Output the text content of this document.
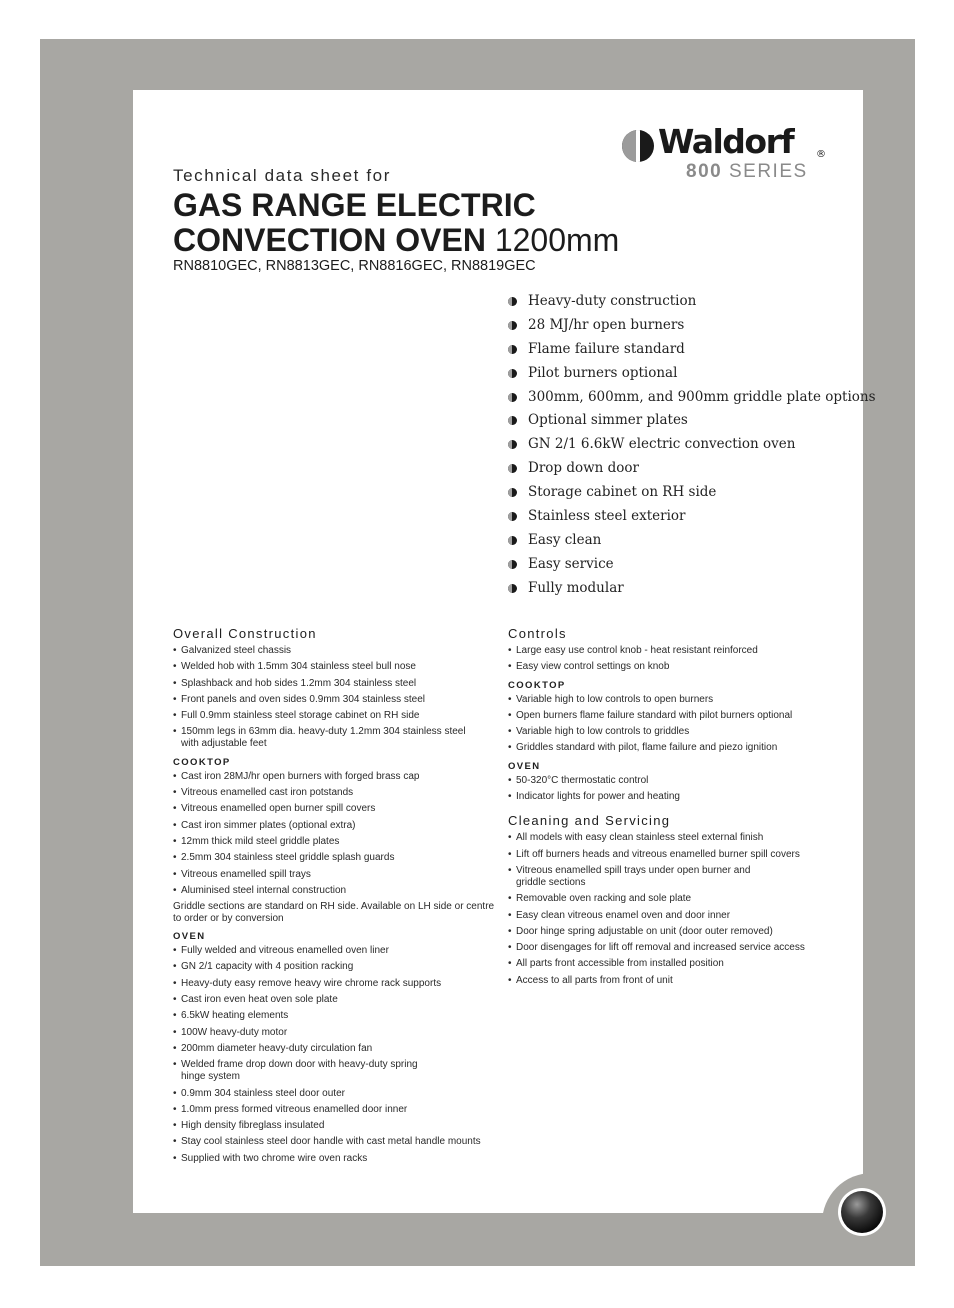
Waldorf ®
800 SERIES
Technical data sheet for
GAS RANGE ELECTRIC
CONVECTION OVEN 1200mm
RN8810GEC, RN8813GEC, RN8816GEC, RN8819GEC
Heavy-duty construction
28 MJ/hr open burners
Flame failure standard
Pilot burners optional
300mm, 600mm, and 900mm griddle plate options
Optional simmer plates
GN 2/1 6.6kW electric convection oven
Drop down door
Storage cabinet on RH side
Stainless steel exterior
Easy clean
Easy service
Fully modular
Overall Construction
• Galvanized steel chassis
• Welded hob with 1.5mm 304 stainless steel bull nose
• Splashback and hob sides 1.2mm 304 stainless steel
• Front panels and oven sides 0.9mm 304 stainless steel
• Full 0.9mm stainless steel storage cabinet on RH side
• 150mm legs in 63mm dia. heavy-duty 1.2mm 304 stainless steel with adjustable feet
COOKTOP
• Cast iron 28MJ/hr open burners with forged brass cap
• Vitreous enamelled cast iron potstands
• Vitreous enamelled open burner spill covers
• Cast iron simmer plates (optional extra)
• 12mm thick mild steel griddle plates
• 2.5mm 304 stainless steel griddle splash guards
• Vitreous enamelled spill trays
• Aluminised steel internal construction

Griddle sections are standard on RH side. Available on LH side or centre to order or by conversion

OVEN
• Fully welded and vitreous enamelled oven liner
• GN 2/1 capacity with 4 position racking
• Heavy-duty easy remove heavy wire chrome rack supports
• Cast iron even heat oven sole plate
• 6.5kW heating elements
• 100W heavy-duty motor
• 200mm diameter heavy-duty circulation fan
• Welded frame drop down door with heavy-duty spring hinge system
• 0.9mm 304 stainless steel door outer
• 1.0mm press formed vitreous enamelled door inner
• High density fibreglass insulated
• Stay cool stainless steel door handle with cast metal handle mounts
• Supplied with two chrome wire oven racks
Controls
• Large easy use control knob - heat resistant reinforced
• Easy view control settings on knob
COOKTOP
• Variable high to low controls to open burners
• Open burners flame failure standard with pilot burners optional
• Variable high to low controls to griddles
• Griddles standard with pilot, flame failure and piezo ignition
OVEN
• 50-320°C thermostatic control
• Indicator lights for power and heating
Cleaning and Servicing
• All models with easy clean stainless steel external finish
• Lift off burners heads and vitreous enamelled burner spill covers
• Vitreous enamelled spill trays under open burner and griddle sections
• Removable oven racking and sole plate
• Easy clean vitreous enamel oven and door inner
• Door hinge spring adjustable on unit (door outer removed)
• Door disengages for lift off removal and increased service access
• All parts front accessible from installed position
• Access to all parts from front of unit
